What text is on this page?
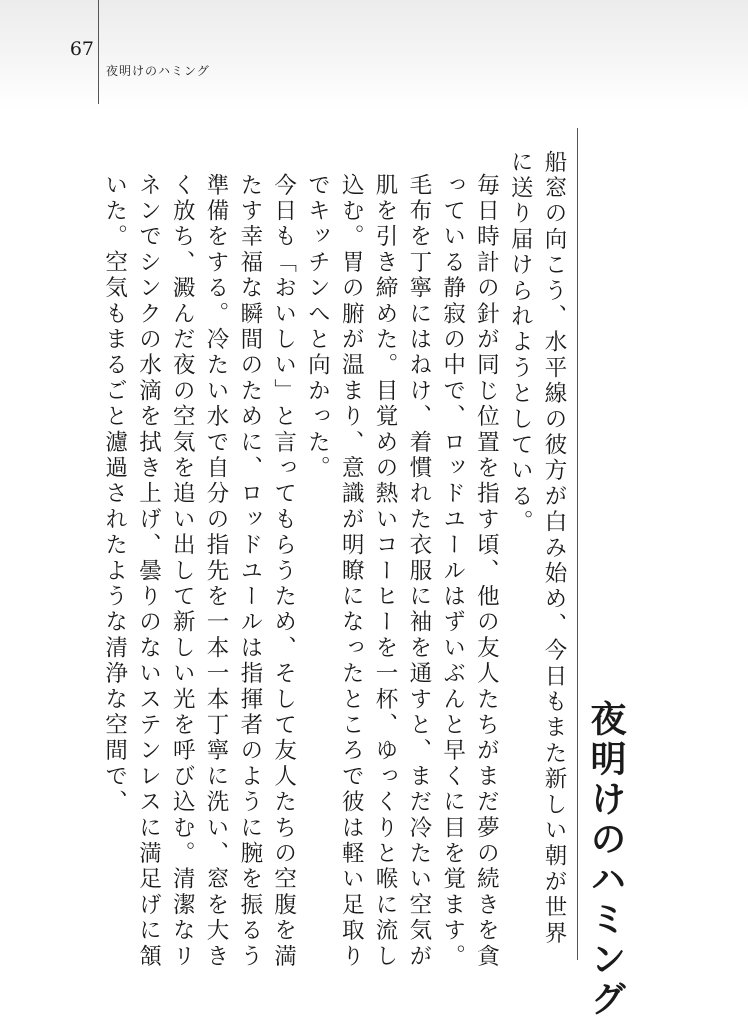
67
夜明けのハミング
夜明けのハミング

船窓の向こう、水平線の彼方が白み始め、今日もまた新しい朝が世界に送り届けられようとしている。

毎日時計の針が同じ位置を指す頃、他の友人たちがまだ夢の続きを貪っている静寂の中で、ロッドユールはずいぶんと早くに目を覚ます。毛布を丁寧にはねけ、着慣れた衣服に袖を通すと、まだ冷たい空気が肌を引き締めた。目覚めの熱いコーヒーを一杯、ゆっくりと喉に流し込む。胃の腑が温まり、意識が明瞭になったところで彼は軽い足取りでキッチンへと向かった。

今日も「おいしい」と言ってもらうため、そして友人たちの空腹を満たす幸福な瞬間のために、ロッドユールは指揮者のように腕を振るう準備をする。冷たい水で自分の指先を一本一本丁寧に洗い、窓を大きく放ち、澱んだ夜の空気を追い出して新しい光を呼び込む。清潔なリネンでシンクの水滴を拭き上げ、曇りのないステンレスに満足げに頷いた。空気もまるごと濾過されたような清浄な空間で、
